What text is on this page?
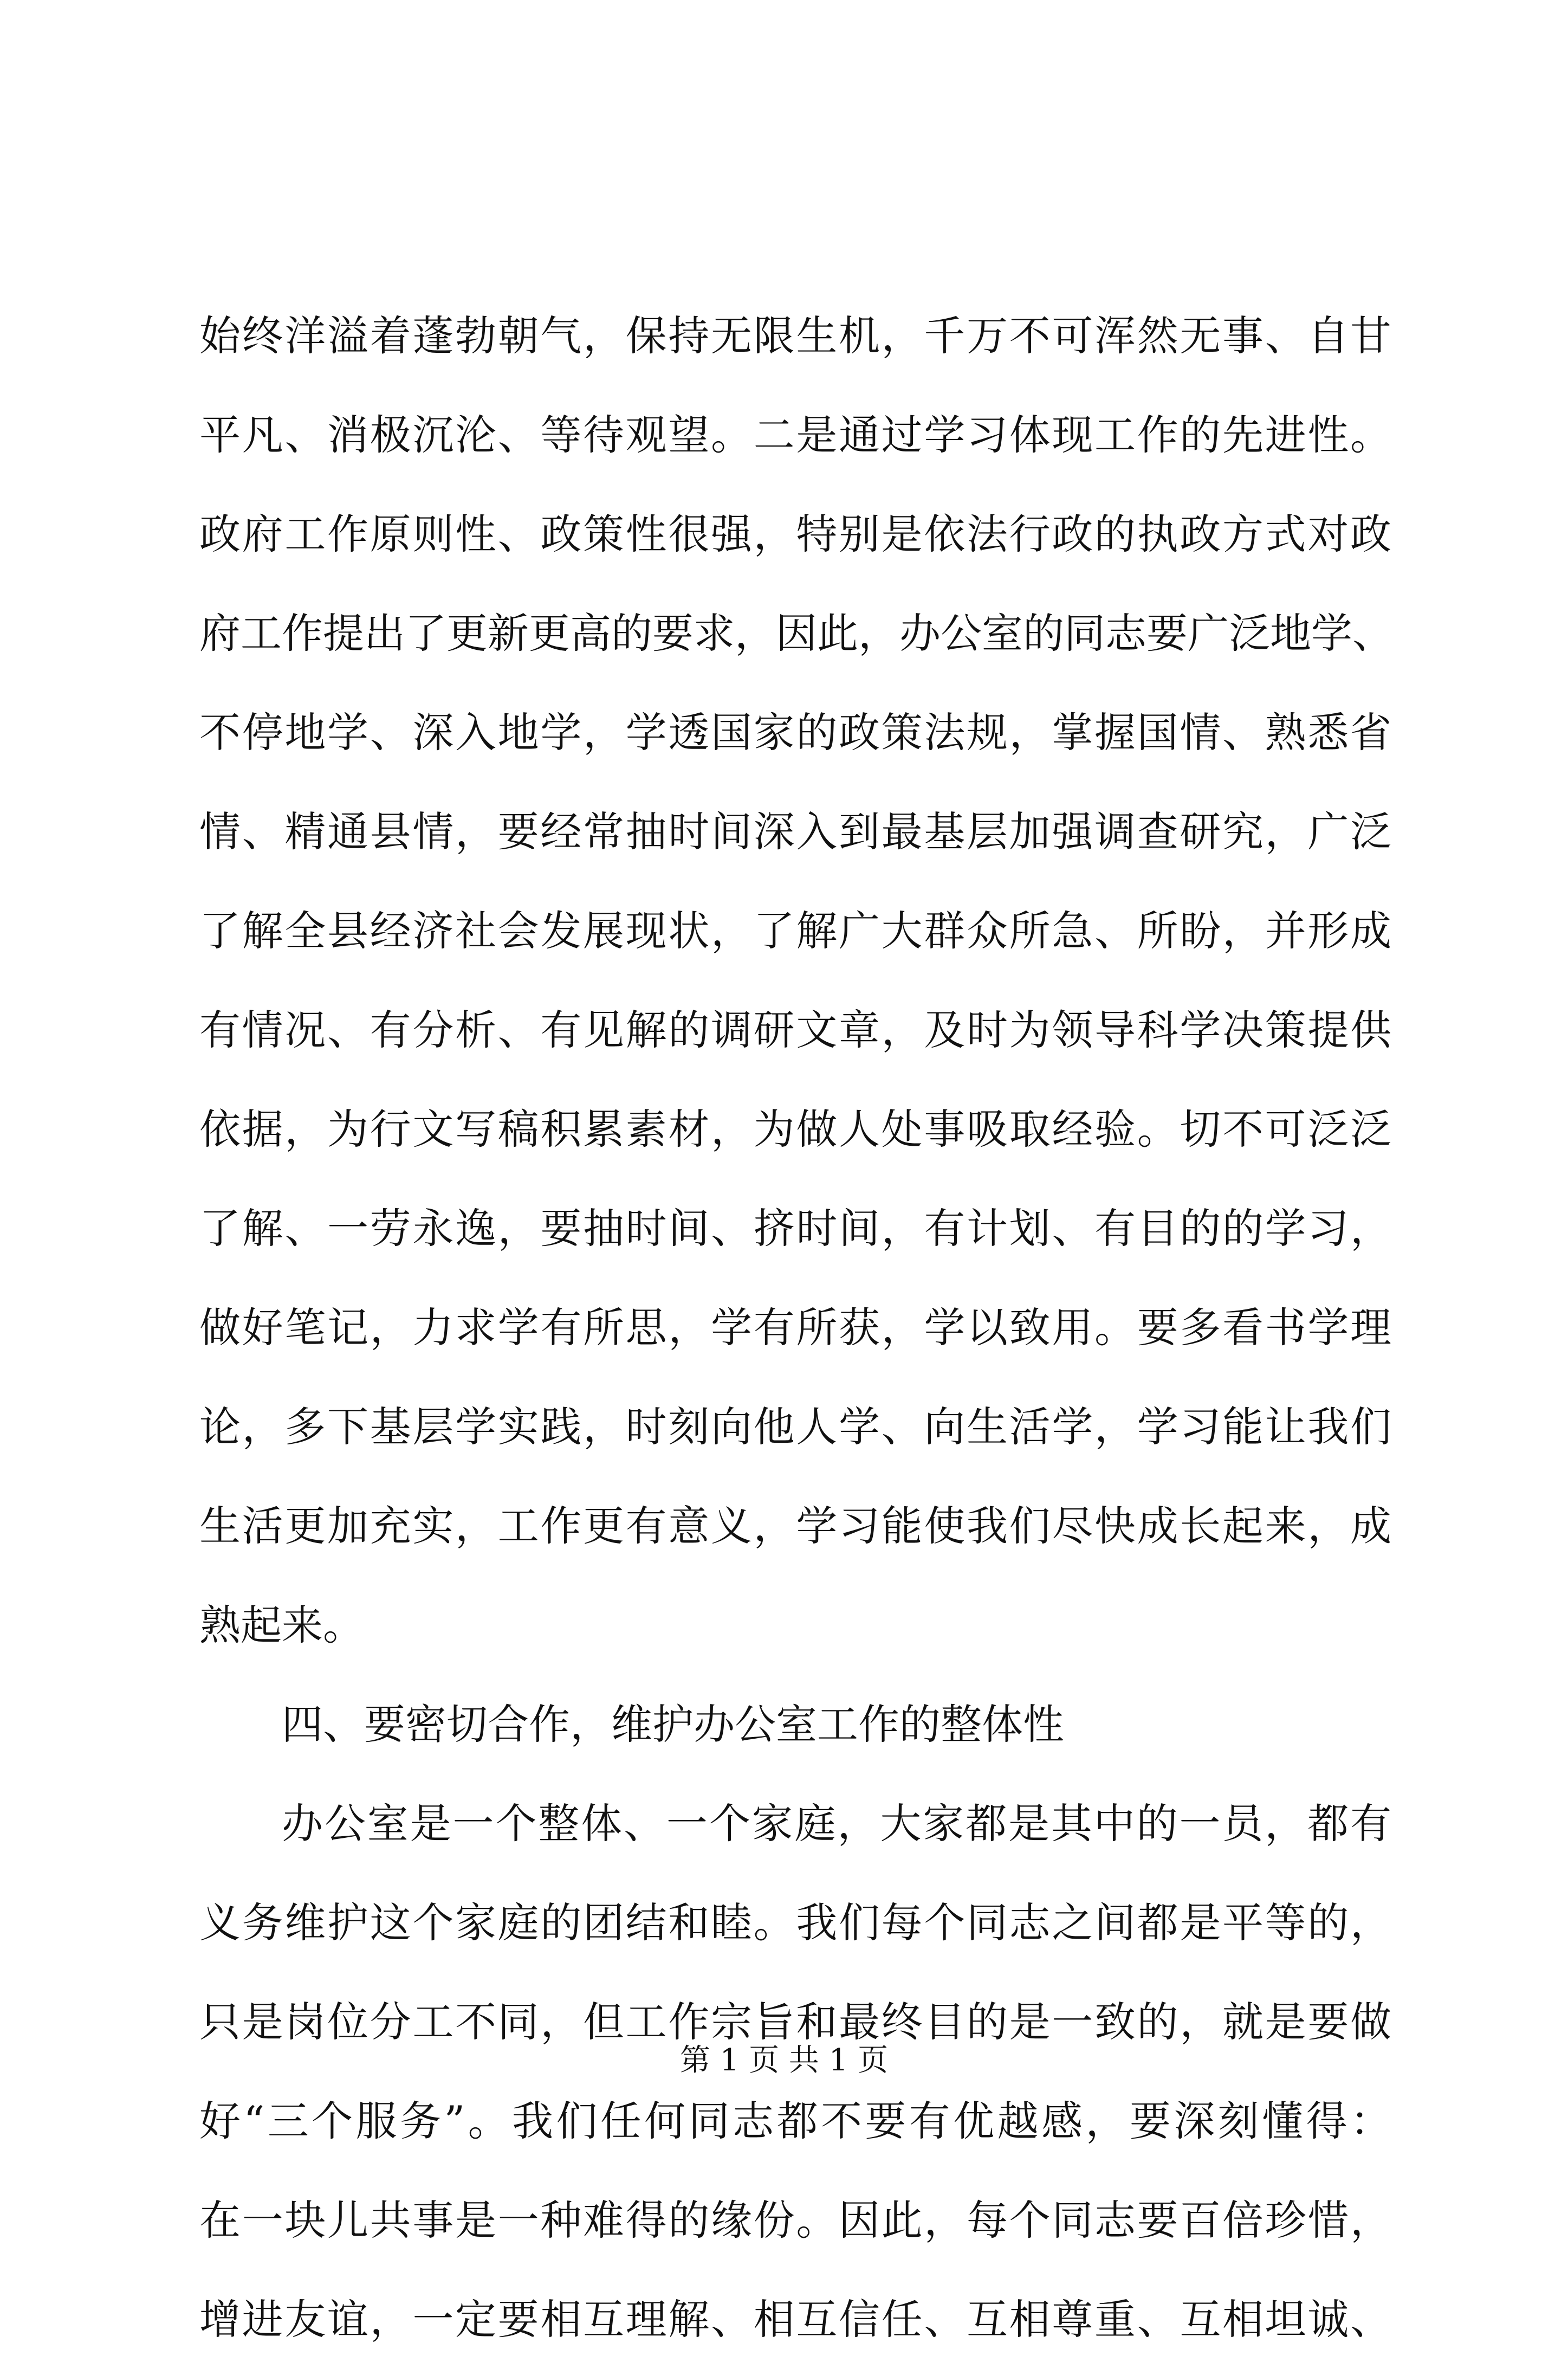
始终洋溢着蓬勃朝气，保持无限生机，千万不可浑然无事、自甘
平凡、消极沉沦、等待观望。二是通过学习体现工作的先进性。
政府工作原则性、政策性很强，特别是依法行政的执政方式对政
府工作提出了更新更高的要求，因此，办公室的同志要广泛地学、
不停地学、深入地学，学透国家的政策法规，掌握国情、熟悉省
情、精通县情，要经常抽时间深入到最基层加强调查研究，广泛
了解全县经济社会发展现状，了解广大群众所急、所盼，并形成
有情况、有分析、有见解的调研文章，及时为领导科学决策提供
依据，为行文写稿积累素材，为做人处事吸取经验。切不可泛泛
了解、一劳永逸，要抽时间、挤时间，有计划、有目的的学习，
做好笔记，力求学有所思，学有所获，学以致用。要多看书学理
论，多下基层学实践，时刻向他人学、向生活学，学习能让我们
生活更加充实，工作更有意义，学习能使我们尽快成长起来，成
熟起来。
四、要密切合作，维护办公室工作的整体性
办公室是一个整体、一个家庭，大家都是其中的一员，都有
义务维护这个家庭的团结和睦。我们每个同志之间都是平等的，
只是岗位分工不同，但工作宗旨和最终目的是一致的，就是要做
好“三个服务”。我们任何同志都不要有优越感，要深刻懂得：
在一块儿共事是一种难得的缘份。因此，每个同志要百倍珍惜，
增进友谊，一定要相互理解、相互信任、互相尊重、互相坦诚、
第 1 页 共 1 页
